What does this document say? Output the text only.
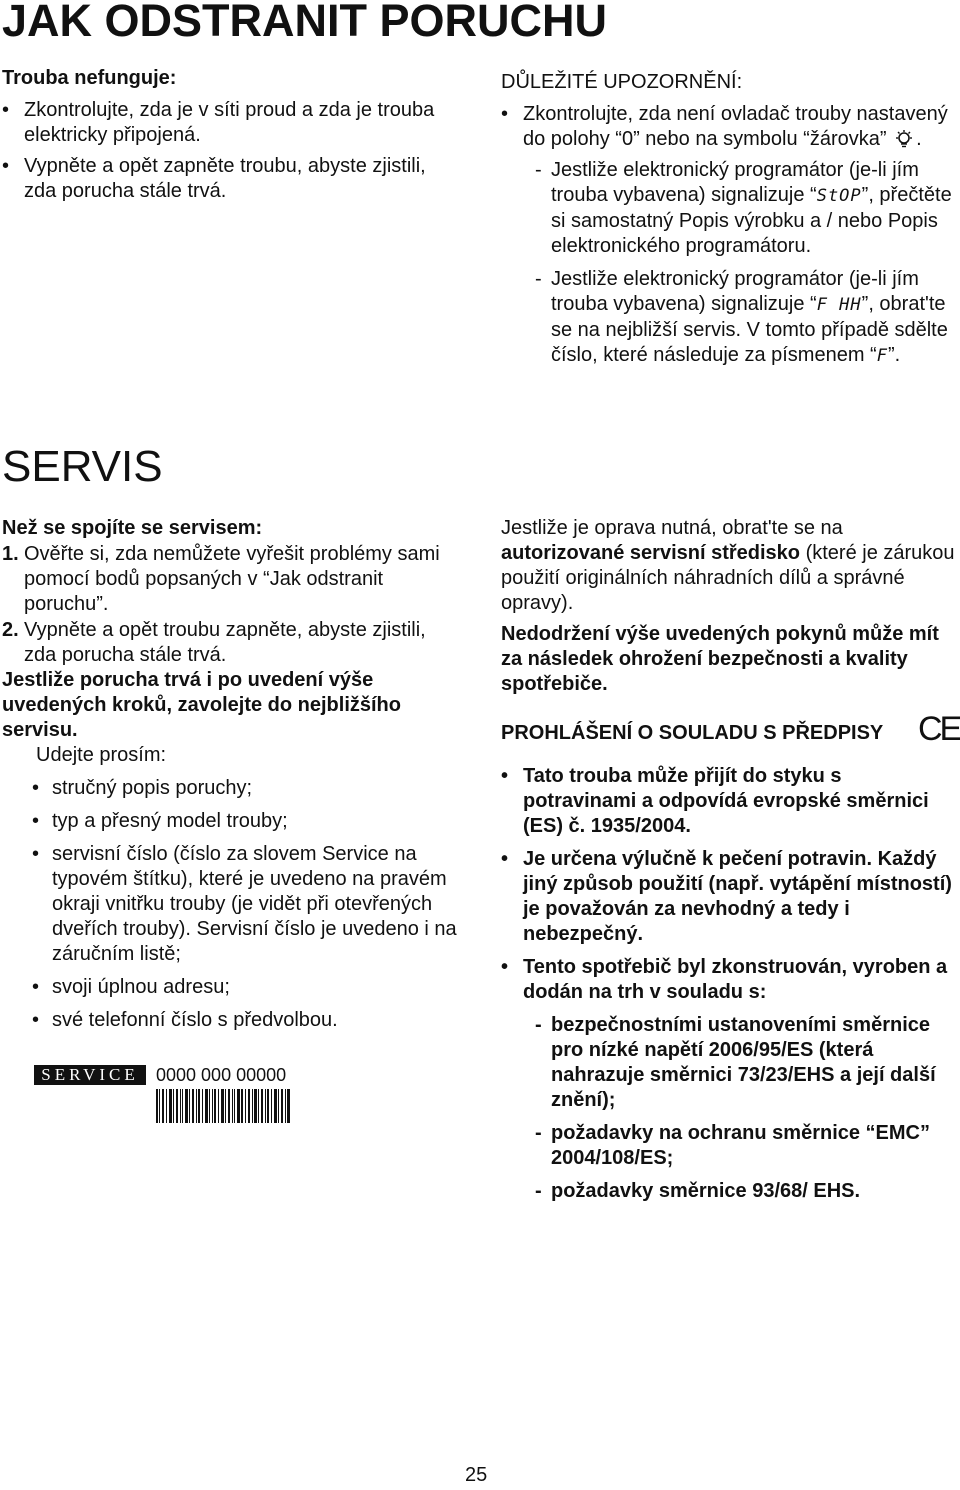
JAK ODSTRANIT PORUCHU
Trouba nefunguje:
• Zkontrolujte, zda je v síti proud a zda je trouba elektricky připojená.
• Vypněte a opět zapněte troubu, abyste zjistili, zda porucha stále trvá.
DŮLEŽITÉ UPOZORNĚNÍ:
• Zkontrolujte, zda není ovladač trouby nastavený do polohy “0” nebo na symbolu “žárovka” .
- Jestliže elektronický programátor (je-li jím trouba vybavena) signalizuje “StOP”, přečtěte si samostatný Popis výrobku a / nebo Popis elektronického programátoru.
- Jestliže elektronický programátor (je-li jím trouba vybavena) signalizuje “F HH”, obrat'te se na nejbližší servis. V tomto případě sdělte číslo, které následuje za písmenem “F”.
SERVIS
Než se spojíte se servisem:
1. Ověřte si, zda nemůžete vyřešit problémy sami pomocí bodů popsaných v “Jak odstranit poruchu”.
2. Vypněte a opět troubu zapněte, abyste zjistili, zda porucha stále trvá.
Jestliže porucha trvá i po uvedení výše uvedených kroků, zavolejte do nejbližšího servisu.
Udejte prosím:
• stručný popis poruchy;
• typ a přesný model trouby;
• servisní číslo (číslo za slovem Service na typovém štítku), které je uvedeno na pravém okraji vnitřku trouby (je vidět při otevřených dveřích trouby). Servisní číslo je uvedeno i na záručním listě;
• svoji úplnou adresu;
• své telefonní číslo s předvolbou.
SERVICE 0000 000 00000
Jestliže je oprava nutná, obrat'te se na autorizované servisní středisko (které je zárukou použití originálních náhradních dílů a správné opravy).
Nedodržení výše uvedených pokynů může mít za následek ohrožení bezpečnosti a kvality spotřebiče.
PROHLÁŠENÍ O SOULADU S PŘEDPISY	CE
• Tato trouba může přijít do styku s potravinami a odpovídá evropské směrnici (ES) č. 1935/2004.
• Je určena výlučně k pečení potravin. Každý jiný způsob použití (např. vytápění místností) je považován za nevhodný a tedy i nebezpečný.
• Tento spotřebič byl zkonstruován, vyroben a dodán na trh v souladu s:
- bezpečnostními ustanoveními směrnice pro nízké napětí 2006/95/ES (která nahrazuje směrnici 73/23/EHS a její další znění);
- požadavky na ochranu směrnice “EMC” 2004/108/ES;
- požadavky směrnice 93/68/ EHS.
25
